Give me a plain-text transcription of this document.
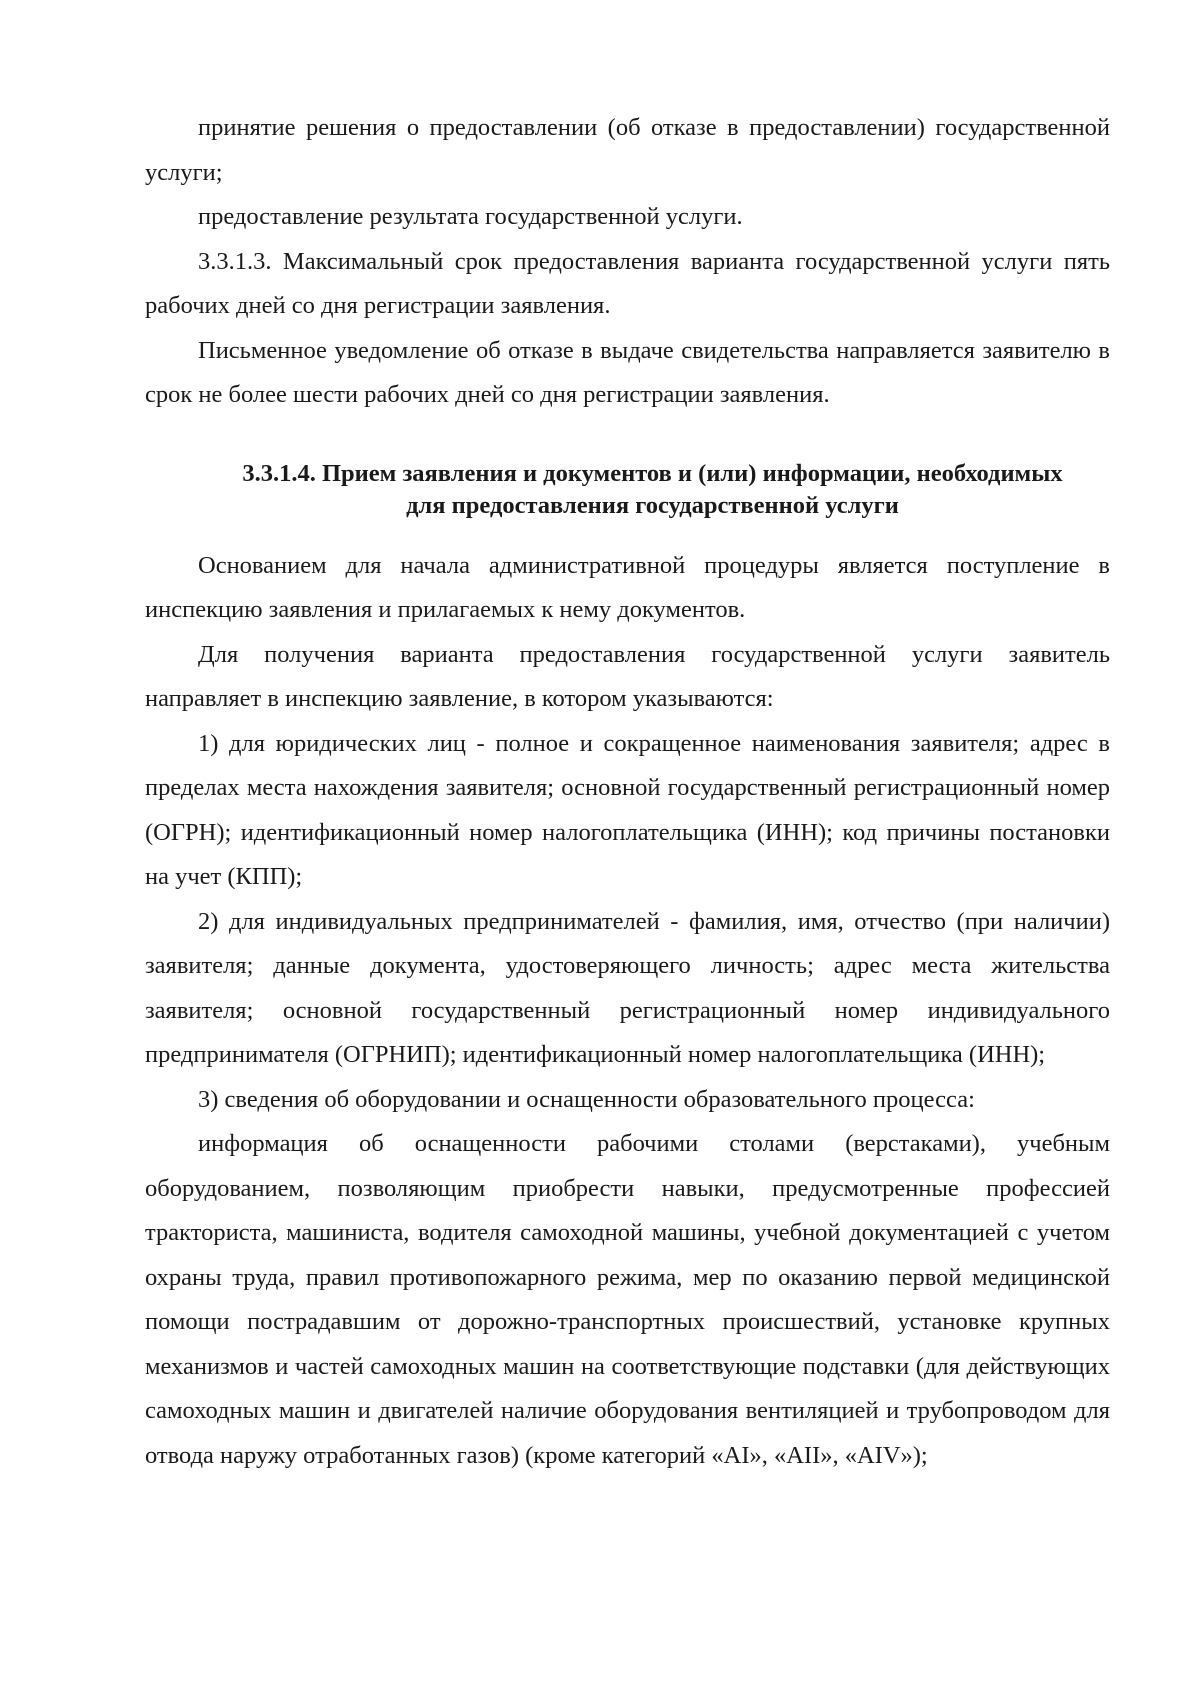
принятие решения о предоставлении (об отказе в предоставлении) государственной услуги;

предоставление результата государственной услуги.

3.3.1.3. Максимальный срок предоставления варианта государственной услуги пять рабочих дней со дня регистрации заявления.

Письменное уведомление об отказе в выдаче свидетельства направляется заявителю в срок не более шести рабочих дней со дня регистрации заявления.

3.3.1.4. Прием заявления и документов и (или) информации, необходимых
для предоставления государственной услуги

Основанием для начала административной процедуры является поступление в инспекцию заявления и прилагаемых к нему документов.

Для получения варианта предоставления государственной услуги заявитель направляет в инспекцию заявление, в котором указываются:

1) для юридических лиц - полное и сокращенное наименования заявителя; адрес в пределах места нахождения заявителя; основной государственный регистрационный номер (ОГРН); идентификационный номер налогоплательщика (ИНН); код причины постановки на учет (КПП);

2) для индивидуальных предпринимателей - фамилия, имя, отчество (при наличии) заявителя; данные документа, удостоверяющего личность; адрес места жительства заявителя; основной государственный регистрационный номер индивидуального предпринимателя (ОГРНИП); идентификационный номер налогоплательщика (ИНН);

3) сведения об оборудовании и оснащенности образовательного процесса:

информация об оснащенности рабочими столами (верстаками), учебным оборудованием, позволяющим приобрести навыки, предусмотренные профессией тракториста, машиниста, водителя самоходной машины, учебной документацией с учетом охраны труда, правил противопожарного режима, мер по оказанию первой медицинской помощи пострадавшим от дорожно-транспортных происшествий, установке крупных механизмов и частей самоходных машин на соответствующие подставки (для действующих самоходных машин и двигателей наличие оборудования вентиляцией и трубопроводом для отвода наружу отработанных газов) (кроме категорий «AI», «AII», «AIV»);
